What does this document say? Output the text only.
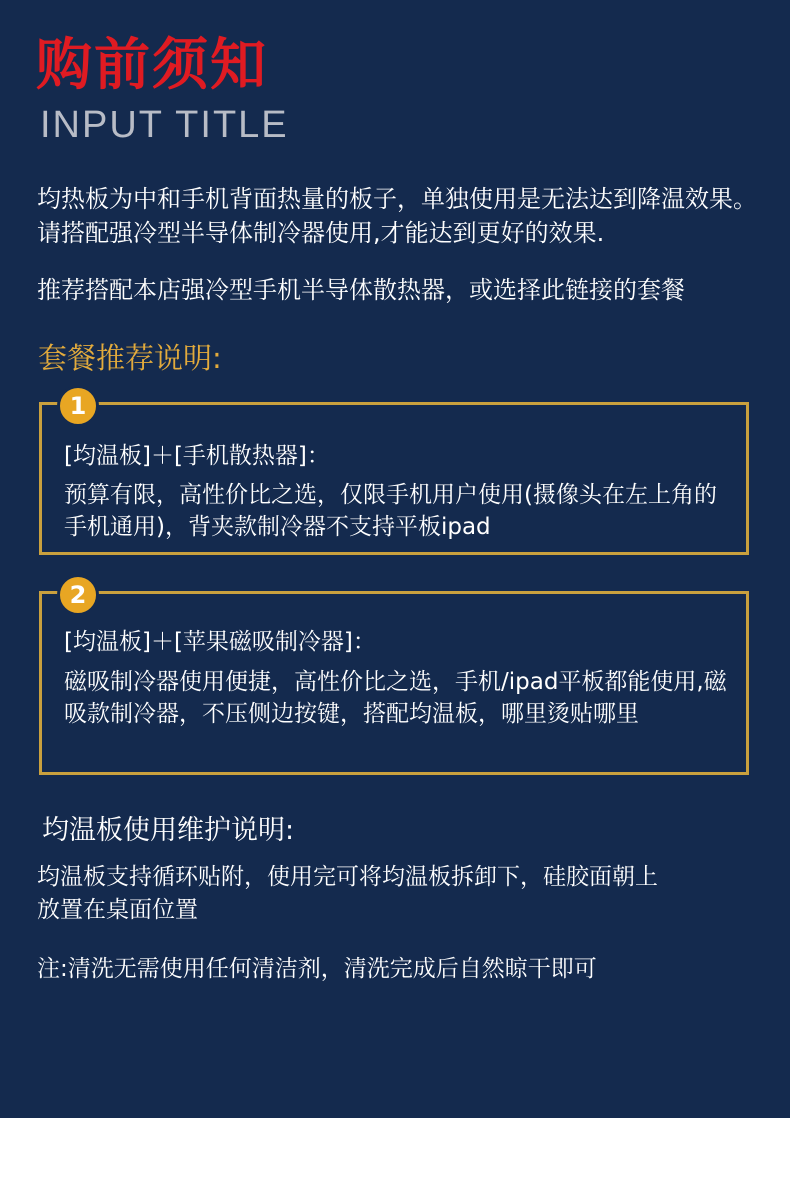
购前须知
INPUT TITLE
均热板为中和手机背面热量的板子，单独使用是无法达到降温效果。请搭配强冷型半导体制冷器使用,才能达到更好的效果.
推荐搭配本店强冷型手机半导体散热器，或选择此链接的套餐
套餐推荐说明:
1
[均温板]＋[手机散热器]：
预算有限，高性价比之选，仅限手机用户使用(摄像头在左上角的手机通用)，背夹款制冷器不支持平板ipad
2
[均温板]＋[苹果磁吸制冷器]：
磁吸制冷器使用便捷，高性价比之选，手机/ipad平板都能使用,磁吸款制冷器，不压侧边按键，搭配均温板，哪里烫贴哪里
均温板使用维护说明:
均温板支持循环贴附，使用完可将均温板拆卸下，硅胶面朝上放置在桌面位置
注:清洗无需使用任何清洁剂，清洗完成后自然晾干即可
